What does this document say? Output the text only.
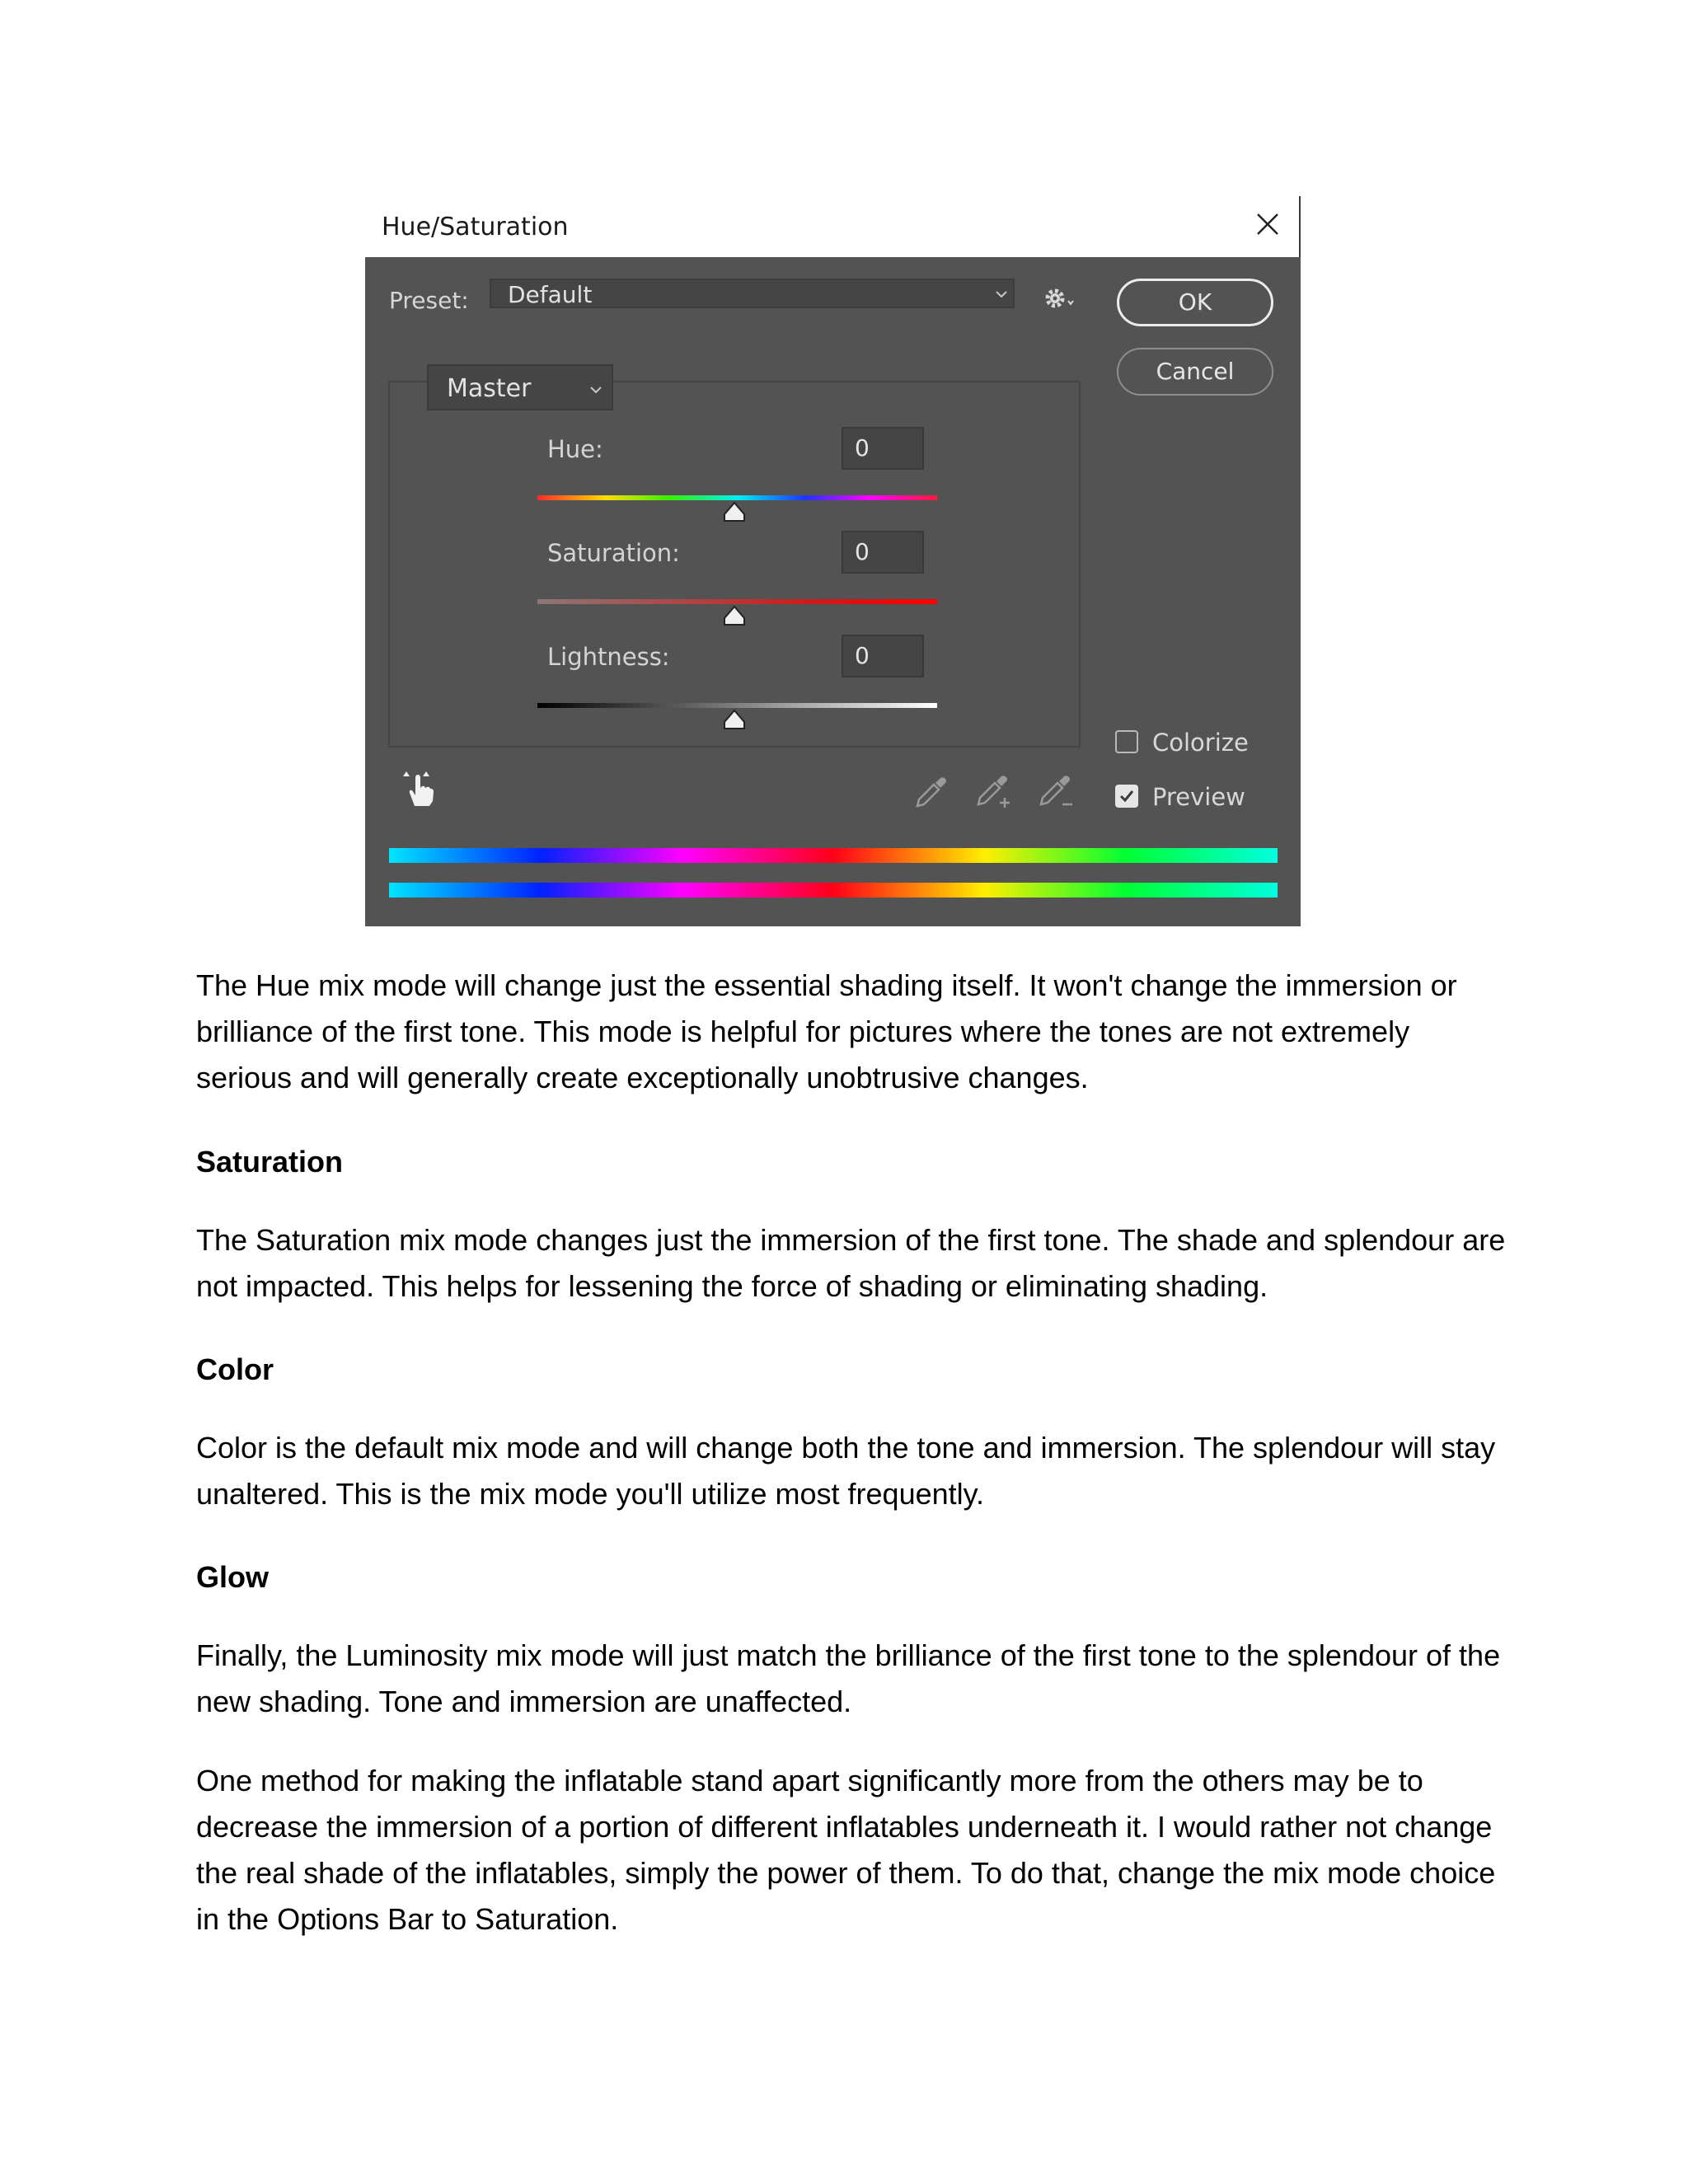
Hue/Saturation
Preset: Default	OK
Cancel
Master
Hue:	0
Saturation:	0
Lightness:	0
Colorize
Preview

The Hue mix mode will change just the essential shading itself. It won't change the immersion or brilliance of the first tone. This mode is helpful for pictures where the tones are not extremely serious and will generally create exceptionally unobtrusive changes.

Saturation

The Saturation mix mode changes just the immersion of the first tone. The shade and splendour are not impacted. This helps for lessening the force of shading or eliminating shading.

Color

Color is the default mix mode and will change both the tone and immersion. The splendour will stay unaltered. This is the mix mode you'll utilize most frequently.

Glow

Finally, the Luminosity mix mode will just match the brilliance of the first tone to the splendour of the new shading. Tone and immersion are unaffected.

One method for making the inflatable stand apart significantly more from the others may be to decrease the immersion of a portion of different inflatables underneath it. I would rather not change the real shade of the inflatables, simply the power of them. To do that, change the mix mode choice in the Options Bar to Saturation.
